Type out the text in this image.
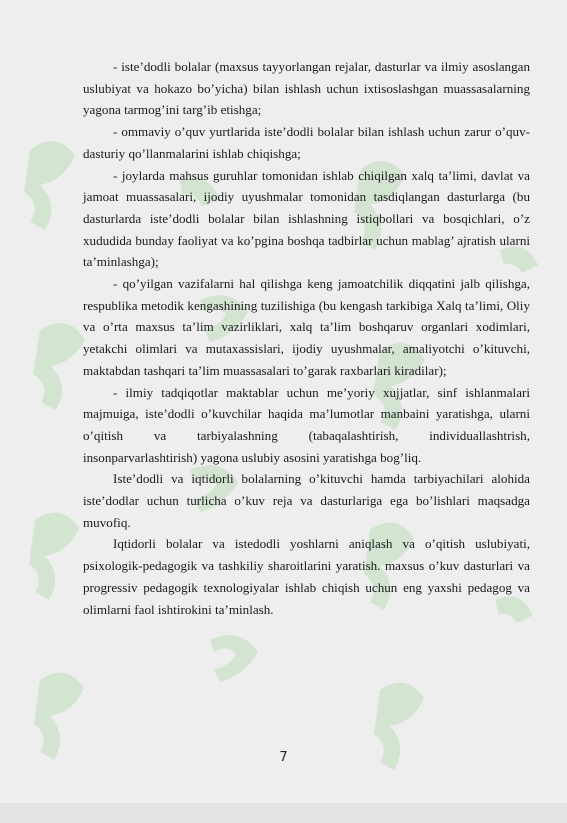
- iste’dodli bolalar (maxsus tayyorlangan rejalar, dasturlar va ilmiy asoslangan uslubiyat va hokazo bo’yicha) bilan ishlash uchun ixtisoslashgan muassasalarning yagona tarmog’ini targ’ib etishga;

- ommaviy o’quv yurtlarida iste’dodli bolalar bilan ishlash uchun zarur o’quv-dasturiy qo’llanmalarini ishlab chiqishga;

- joylarda mahsus guruhlar tomonidan ishlab chiqilgan xalq ta’limi, davlat va jamoat muassasalari, ijodiy uyushmalar tomonidan tasdiqlangan dasturlarga (bu dasturlarda iste’dodli bolalar bilan ishlashning istiqbollari va bosqichlari, o’z xududida bunday faoliyat va ko’pgina boshqa tadbirlar uchun mablag’ ajratish ularni ta’minlashga);

- qo’yilgan vazifalarni hal qilishga keng jamoatchilik diqqatini jalb qilishga, respublika metodik kengashining tuzilishiga (bu kengash tarkibiga Xalq ta’limi, Oliy va o’rta maxsus ta’lim vazirliklari, xalq ta’lim boshqaruv organlari xodimlari, yetakchi olimlari va mutaxassislari, ijodiy uyushmalar, amaliyotchi o’kituvchi, maktabdan tashqari ta’lim muassasalari to’garak raxbarlari kiradilar);

- ilmiy tadqiqotlar maktablar uchun me’yoriy xujjatlar, sinf ishlanmalari majmuiga, iste’dodli o’kuvchilar haqida ma’lumotlar manbaini yaratishga, ularni o’qitish va tarbiyalashning (tabaqalashtirish, individuallashtrish, insonparvarlashtirish) yagona uslubiy asosini yaratishga bog’liq.

Iste’dodli va iqtidorli bolalarning o’kituvchi hamda tarbiyachilari alohida iste’dodlar uchun turlicha o’kuv reja va dasturlariga ega bo’lishlari maqsadga muvofiq.

Iqtidorli bolalar va istedodli yoshlarni aniqlash va o’qitish uslubiyati, psixologik-pedagogik va tashkiliy sharoitlarini yaratish. maxsus o’kuv dasturlari va progressiv pedagogik texnologiyalar ishlab chiqish uchun eng yaxshi pedagog va olimlarni faol ishtirokini ta’minlash.

7
